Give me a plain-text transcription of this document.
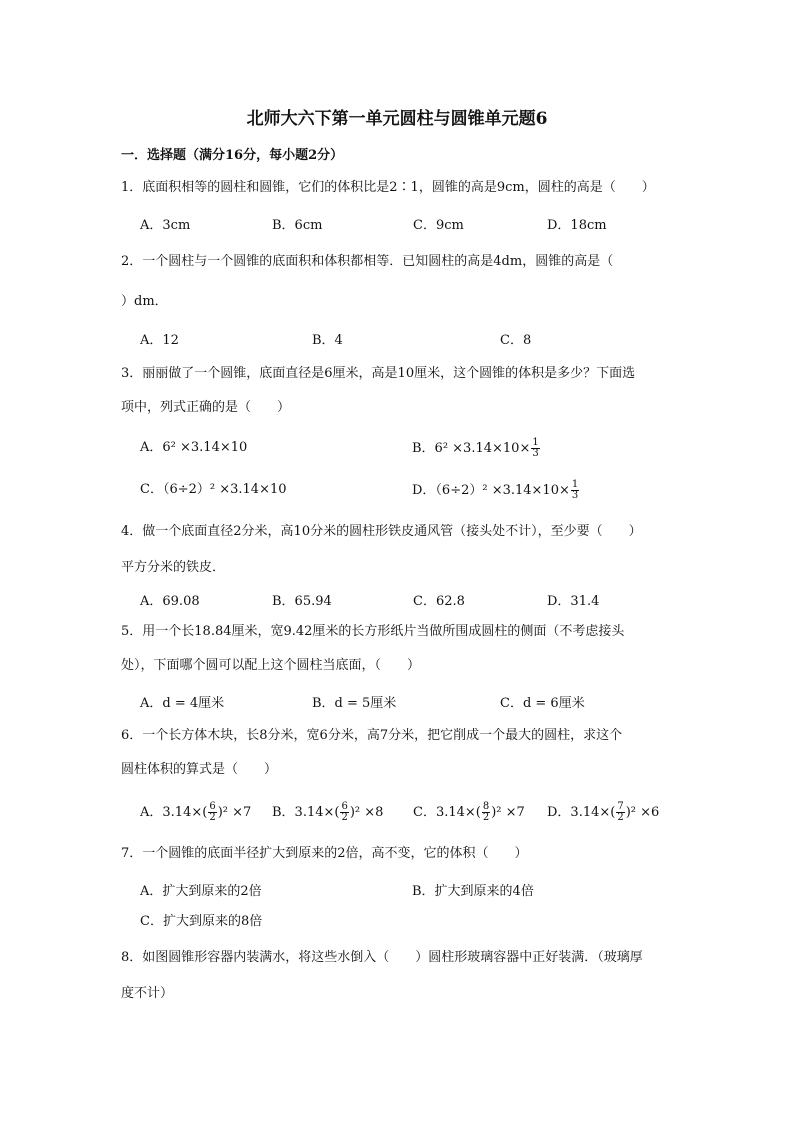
北师大六下第一单元圆柱与圆锥单元题6
一．选择题（满分16分，每小题2分）
1．底面积相等的圆柱和圆锥，它们的体积比是2∶1，圆锥的高是9cm，圆柱的高是（　　）
A．3cm	B．6cm	C．9cm	D．18cm
2．一个圆柱与一个圆锥的底面积和体积都相等．已知圆柱的高是4dm，圆锥的高是（
）dm．
A．12	B．4	C．8
3．丽丽做了一个圆锥，底面直径是6厘米，高是10厘米，这个圆锥的体积是多少？下面选
项中，列式正确的是（　　）
A．6² ×3.14×10	B．$6^2 \times 3.14\times 10\times \frac{1}{3}$
C．（6÷2）² ×3.14×10	D．$(6\div 2)^2 \times 3.14\times 10\times \frac{1}{3}$
4．做一个底面直径2分米，高10分米的圆柱形铁皮通风管（接头处不计），至少要（　　）
平方分米的铁皮．
A．69.08	B．65.94	C．62.8	D．31.4
5．用一个长18.84厘米，宽9.42厘米的长方形纸片当做所围成圆柱的侧面（不考虑接头
处），下面哪个圆可以配上这个圆柱当底面，（　　）
A．d = 4厘米	B．d = 5厘米	C．d = 6厘米
6．一个长方体木块，长8分米，宽6分米，高7分米，把它削成一个最大的圆柱，求这个
圆柱体积的算式是（　　）
A．$3.14\times( \frac{6}{2} )^2 \times 7$ B．$3.14\times( \frac{6}{2} )^2 \times 8$ C．$3.14\times( \frac{8}{2} )^2 \times 7$ D．$3.14\times( \frac{7}{2} )^2 \times 6$
7．一个圆锥的底面半径扩大到原来的2倍，高不变，它的体积（　　）
A．扩大到原来的2倍	B．扩大到原来的4倍
C．扩大到原来的8倍
8．如图圆锥形容器内装满水，将这些水倒入（　　）圆柱形玻璃容器中正好装满．（玻璃厚
度不计）
